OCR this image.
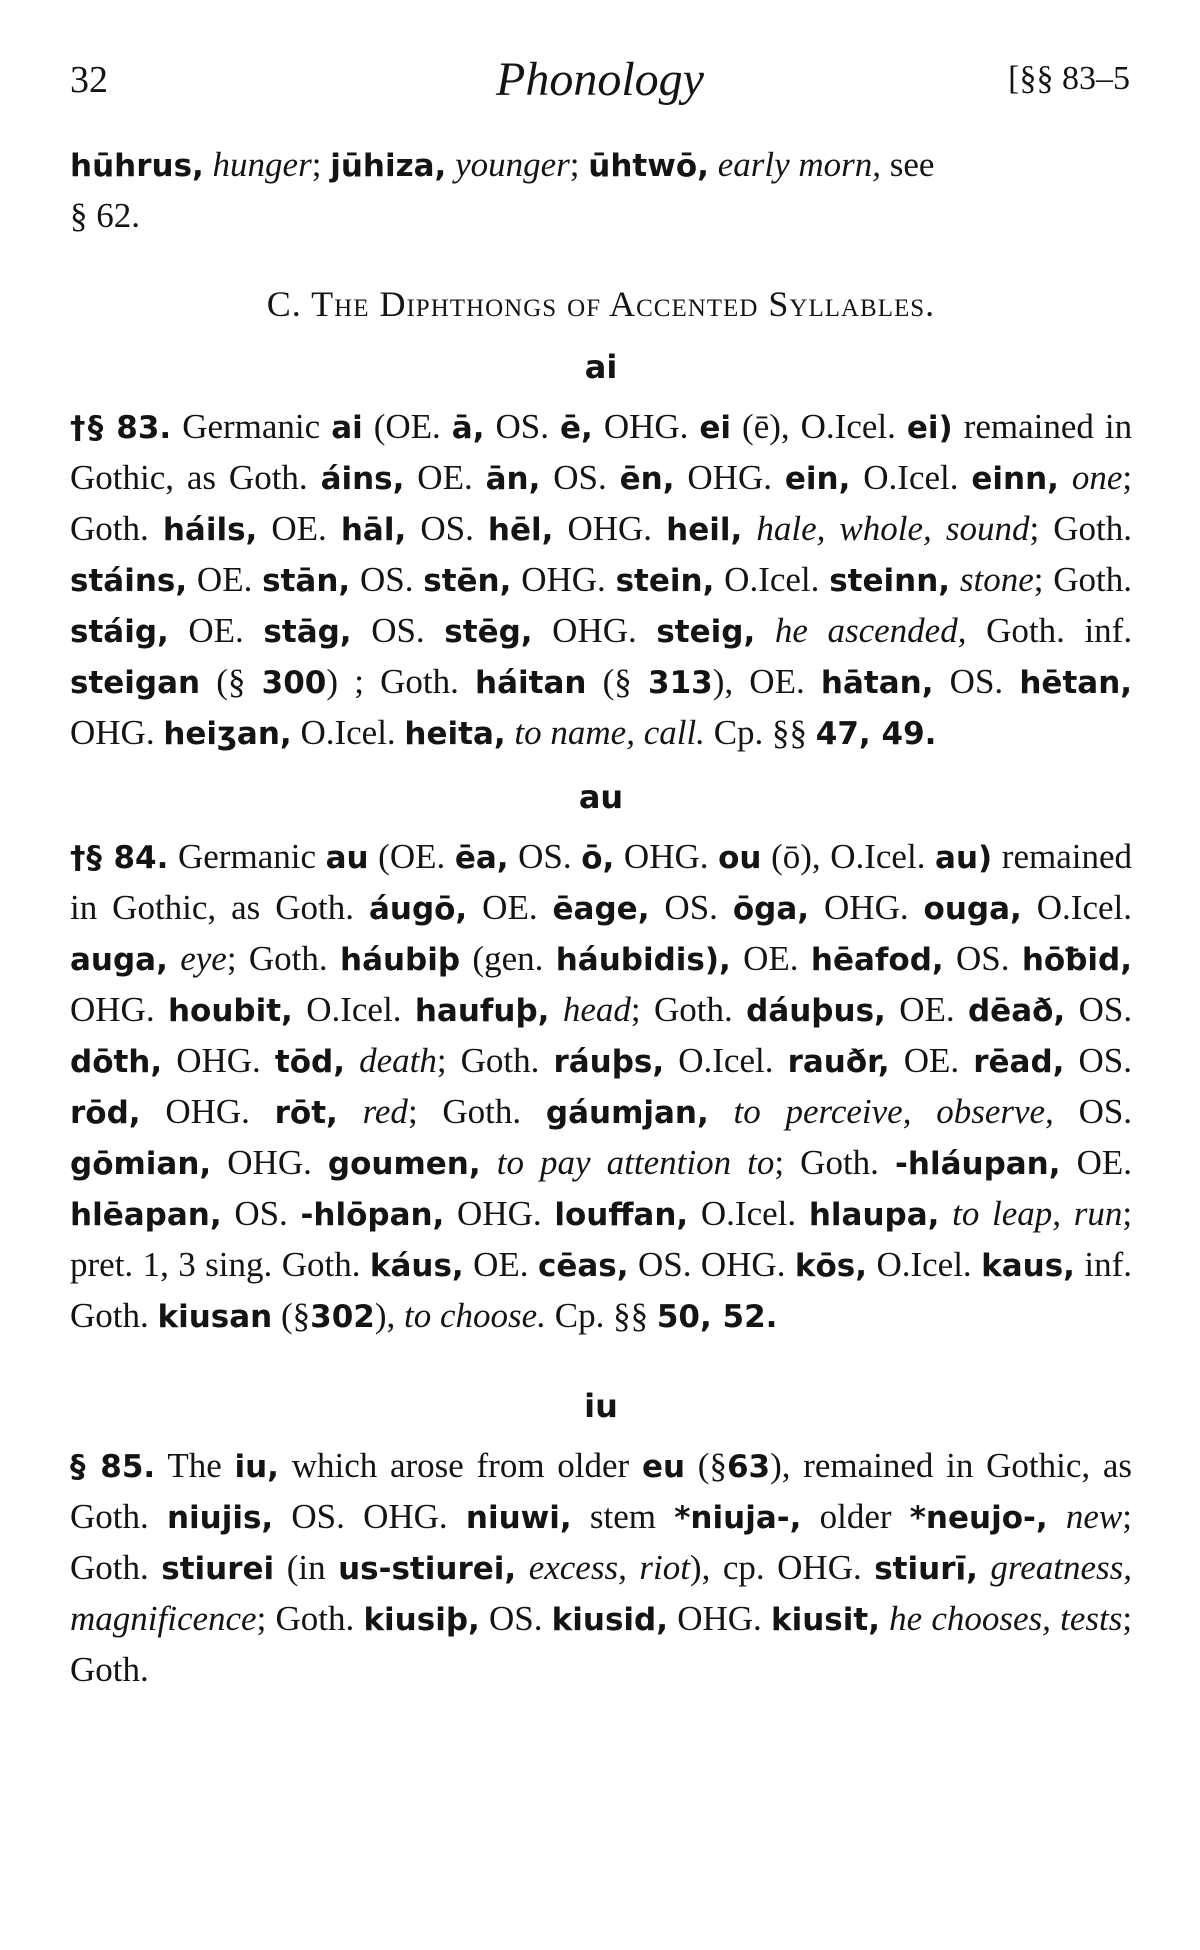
32	Phonology	[§§ 83–5

hūhrus, hunger; jūhiza, younger; ūhtwō, early morn, see
§ 62.

C. The Diphthongs of Accented Syllables.
ai

†§ 83. Germanic ai (OE. ā, OS. ē, OHG. ei (ē), O.Icel. ei) remained in Gothic, as Goth. áins, OE. ān, OS. ēn, OHG. ein, O.Icel. einn, one; Goth. háils, OE. hāl, OS. hēl, OHG. heil, hale, whole, sound; Goth. stáins, OE. stān, OS. stēn, OHG. stein, O.Icel. steinn, stone; Goth. stáig, OE. stāg, OS. stēg, OHG. steig, he ascended, Goth. inf. steigan (§ 300) ; Goth. háitan (§ 313), OE. hātan, OS. hētan, OHG. heiʒan, O.Icel. heita, to name, call. Cp. §§ 47, 49.

au

†§ 84. Germanic au (OE. ēa, OS. ō, OHG. ou (ō), O.Icel. au) remained in Gothic, as Goth. áugō, OE. ēage, OS. ōga, OHG. ouga, O.Icel. auga, eye; Goth. háubiþ (gen. háubidis), OE. hēafod, OS. hōƀid, OHG. houbit, O.Icel. haufuþ, head; Goth. dáuþus, OE. dēað, OS. dōth, OHG. tōd, death; Goth. ráuþs, O.Icel. rauðr, OE. rēad, OS. rōd, OHG. rōt, red; Goth. gáumjan, to perceive, observe, OS. gōmian, OHG. goumen, to pay attention to; Goth. -hláupan, OE. hlēapan, OS. -hlōpan, OHG. louffan, O.Icel. hlaupa, to leap, run; pret. 1, 3 sing. Goth. káus, OE. cēas, OS. OHG. kōs, O.Icel. kaus, inf. Goth. kiusan (§302), to choose. Cp. §§ 50, 52.

iu

§ 85. The iu, which arose from older eu (§63), remained in Gothic, as Goth. niujis, OS. OHG. niuwi, stem *niuja-, older *neujo-, new; Goth. stiurei (in us-stiurei, excess, riot), cp. OHG. stiurī, greatness, magnificence; Goth. kiusiþ, OS. kiusid, OHG. kiusit, he chooses, tests; Goth.
